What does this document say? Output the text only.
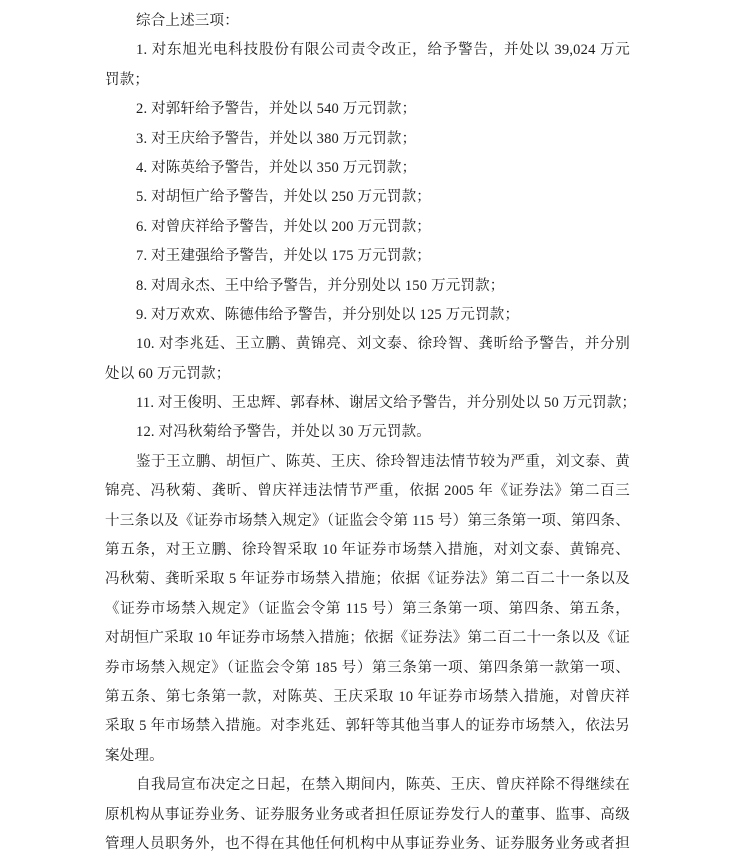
综合上述三项：
1. 对东旭光电科技股份有限公司责令改正，给予警告，并处以 39,024 万元
罚款；
2. 对郭轩给予警告，并处以 540 万元罚款；
3. 对王庆给予警告，并处以 380 万元罚款；
4. 对陈英给予警告，并处以 350 万元罚款；
5. 对胡恒广给予警告，并处以 250 万元罚款；
6. 对曾庆祥给予警告，并处以 200 万元罚款；
7. 对王建强给予警告，并处以 175 万元罚款；
8. 对周永杰、王中给予警告，并分别处以 150 万元罚款；
9. 对万欢欢、陈德伟给予警告，并分别处以 125 万元罚款；
10. 对李兆廷、王立鹏、黄锦亮、刘文泰、徐玲智、龚昕给予警告，并分别
处以 60 万元罚款；
11. 对王俊明、王忠辉、郭春林、谢居文给予警告，并分别处以 50 万元罚款；
12. 对冯秋菊给予警告，并处以 30 万元罚款。
鉴于王立鹏、胡恒广、陈英、王庆、徐玲智违法情节较为严重，刘文泰、黄
锦亮、冯秋菊、龚昕、曾庆祥违法情节严重，依据 2005 年《证券法》第二百三
十三条以及《证券市场禁入规定》（证监会令第 115 号）第三条第一项、第四条、
第五条，对王立鹏、徐玲智采取 10 年证券市场禁入措施，对刘文泰、黄锦亮、
冯秋菊、龚昕采取 5 年证券市场禁入措施；依据《证券法》第二百二十一条以及
《证券市场禁入规定》（证监会令第 115 号）第三条第一项、第四条、第五条，
对胡恒广采取 10 年证券市场禁入措施；依据《证券法》第二百二十一条以及《证
券市场禁入规定》（证监会令第 185 号）第三条第一项、第四条第一款第一项、
第五条、第七条第一款，对陈英、王庆采取 10 年证券市场禁入措施，对曾庆祥
采取 5 年市场禁入措施。对李兆廷、郭轩等其他当事人的证券市场禁入，依法另
案处理。
自我局宣布决定之日起，在禁入期间内，陈英、王庆、曾庆祥除不得继续在
原机构从事证券业务、证券服务业务或者担任原证券发行人的董事、监事、高级
管理人员职务外，也不得在其他任何机构中从事证券业务、证券服务业务或者担
